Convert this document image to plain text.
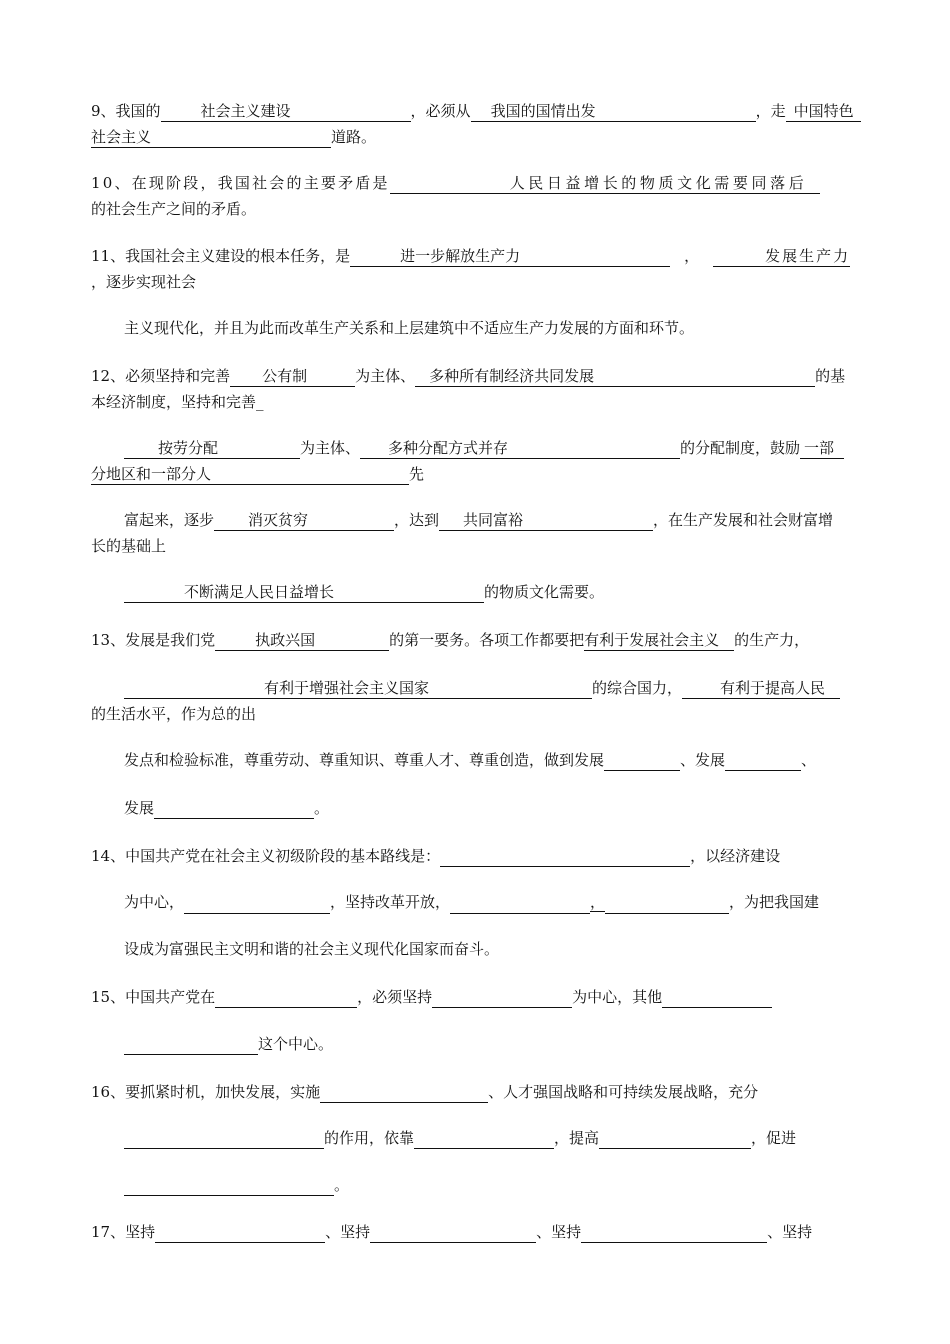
9、我国的	社会主义建设	，必须从 我国的国情出发	，走 中国特色
社会主义	道路。
10、在现阶段，我国社会的主要矛盾是	人民日益增长的物质文化需要同落后
的社会生产之间的矛盾。
11、我国社会主义建设的根本任务，是	进一步解放生产力	，	发展生产力
，逐步实现社会
主义现代化，并且为此而改革生产关系和上层建筑中不适应生产力发展的方面和环节。
12、必须坚持和完善 公有制	为主体、 多种所有制经济共同发展	的基
本经济制度，坚持和完善_
按劳分配	为主体、 多种分配方式并存	的分配制度，鼓励 一部
分地区和一部分人	先
富起来，逐步 消灭贫穷	，达到 共同富裕	，在生产发展和社会财富增
长的基础上
不断满足人民日益增长	的物质文化需要。
13、发展是我们党	执政兴国	的第一要务。各项工作都要把有利于发展社会主义 的生产力，
有利于增强社会主义国家	的综合国力，	有利于提高人民
的生活水平，作为总的出
发点和检验标准，尊重劳动、尊重知识、尊重人才、尊重创造，做到发展	、发展	、
发展	。
14、中国共产党在社会主义初级阶段的基本路线是：	，以经济建设
为中心，	，坚持改革开放，	，	，为把我国建
设成为富强民主文明和谐的社会主义现代化国家而奋斗。
15、中国共产党在	，必须坚持	为中心，其他
这个中心。
16、要抓紧时机，加快发展，实施	、人才强国战略和可持续发展战略，充分
的作用，依靠	，提高	，促进
。
17、坚持	、坚持	、坚持	、坚持
